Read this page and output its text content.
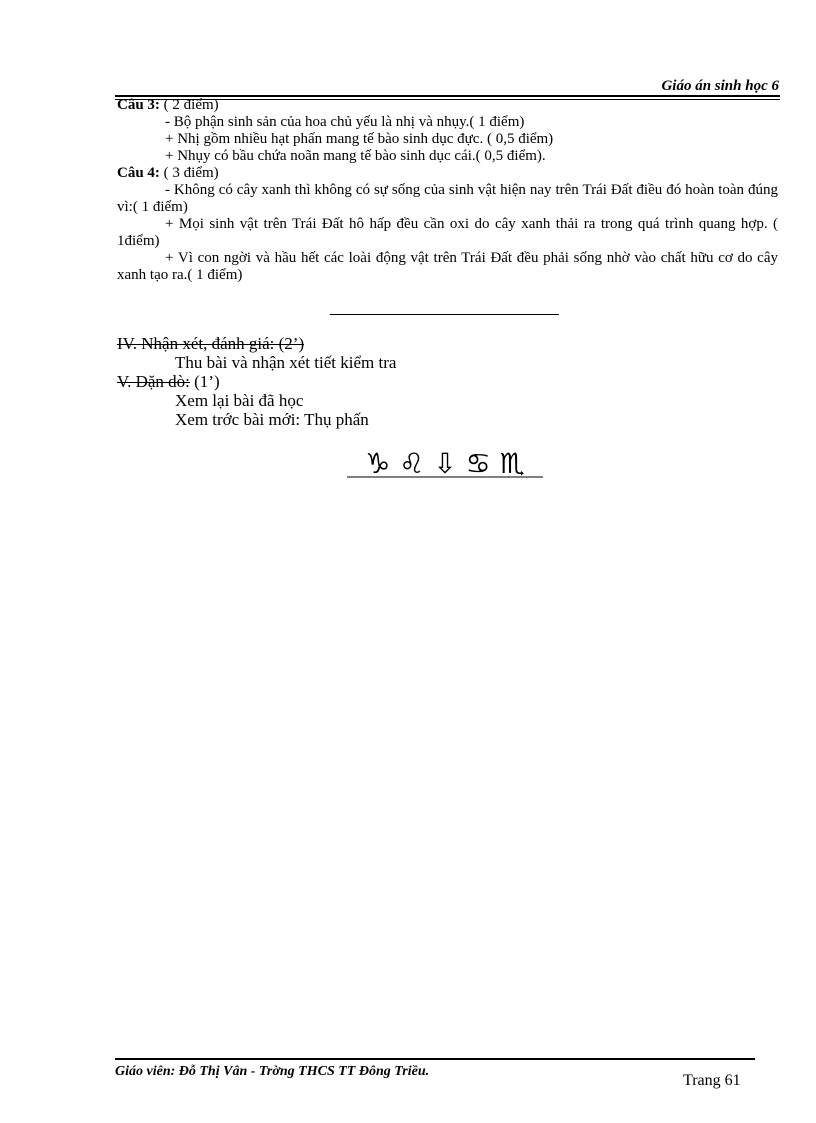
Giáo án sinh học 6

Câu 3: ( 2 điểm)

- Bộ phận sinh sản của hoa chủ yếu là nhị và nhụy.( 1 điểm)

+ Nhị gồm nhiều hạt phấn mang tế bào sinh dục đực. ( 0,5 điểm)

+ Nhụy có bầu chứa noãn mang tế bào sinh dục cái.( 0,5 điểm).

Câu 4: ( 3 điểm)

- Không có cây xanh thì không có sự sống của sinh vật hiện nay trên Trái Đất điều đó hoàn toàn đúng vì:( 1 điểm)

+ Mọi sinh vật trên Trái Đất hô hấp đều cần oxi do cây xanh thải ra trong quá trình quang hợp. ( 1điểm)

+ Vì con ngời và hầu hết các loài động vật trên Trái Đất đều phải sống nhờ vào chất hữu cơ do cây xanh tạo ra.( 1 điểm)

IV. Nhận xét, đánh giá: (2’)
Thu bài và nhận xét tiết kiểm tra
V. Dặn dò: (1’)
Xem lại bài đã học
Xem trớc bài mới: Thụ phấn
♑ ♌ ⇩ ♋ ♏
Giáo viên: Đỗ Thị Vân - Trờng THCS TT Đông Triều.
Trang 61
